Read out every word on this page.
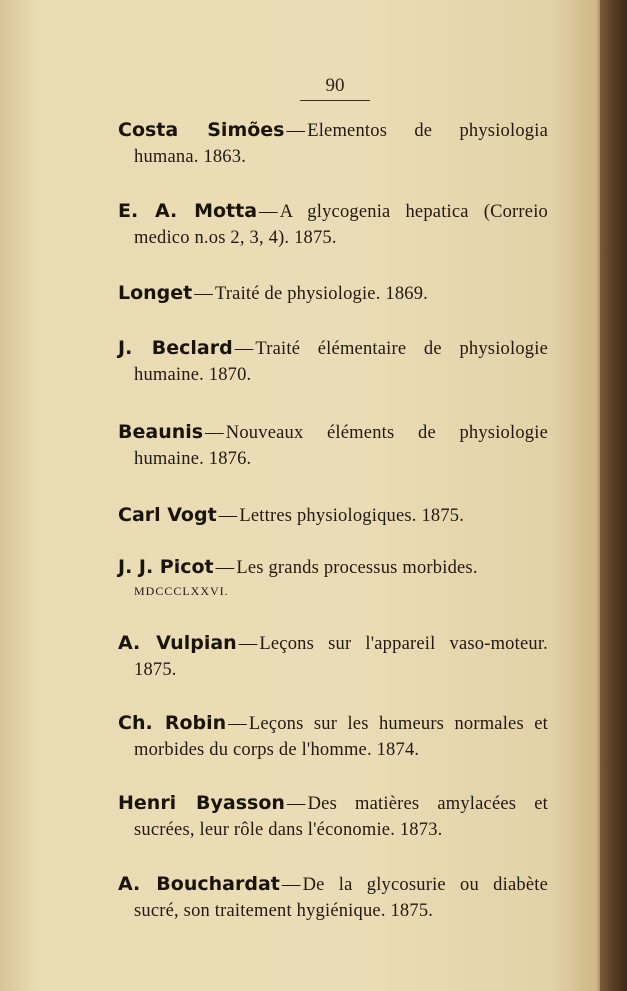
90
Costa Simões — Elementos de physiologia humana. 1863.
E. A. Motta — A glycogenia hepatica (Correio medico n.os 2, 3, 4). 1875.
Longet — Traité de physiologie. 1869.
J. Beclard — Traité élémentaire de physiologie humaine. 1870.
Beaunis — Nouveaux éléments de physiologie humaine. 1876.
Carl Vogt — Lettres physiologiques. 1875.
J. J. Picot — Les grands processus morbides.
MDCCCLXXVI.
A. Vulpian — Leçons sur l'appareil vaso-moteur. 1875.
Ch. Robin — Leçons sur les humeurs normales et morbides du corps de l'homme. 1874.
Henri Byasson — Des matières amylacées et sucrées, leur rôle dans l'économie. 1873.
A. Bouchardat — De la glycosurie ou diabète sucré, son traitement hygiénique. 1875.
